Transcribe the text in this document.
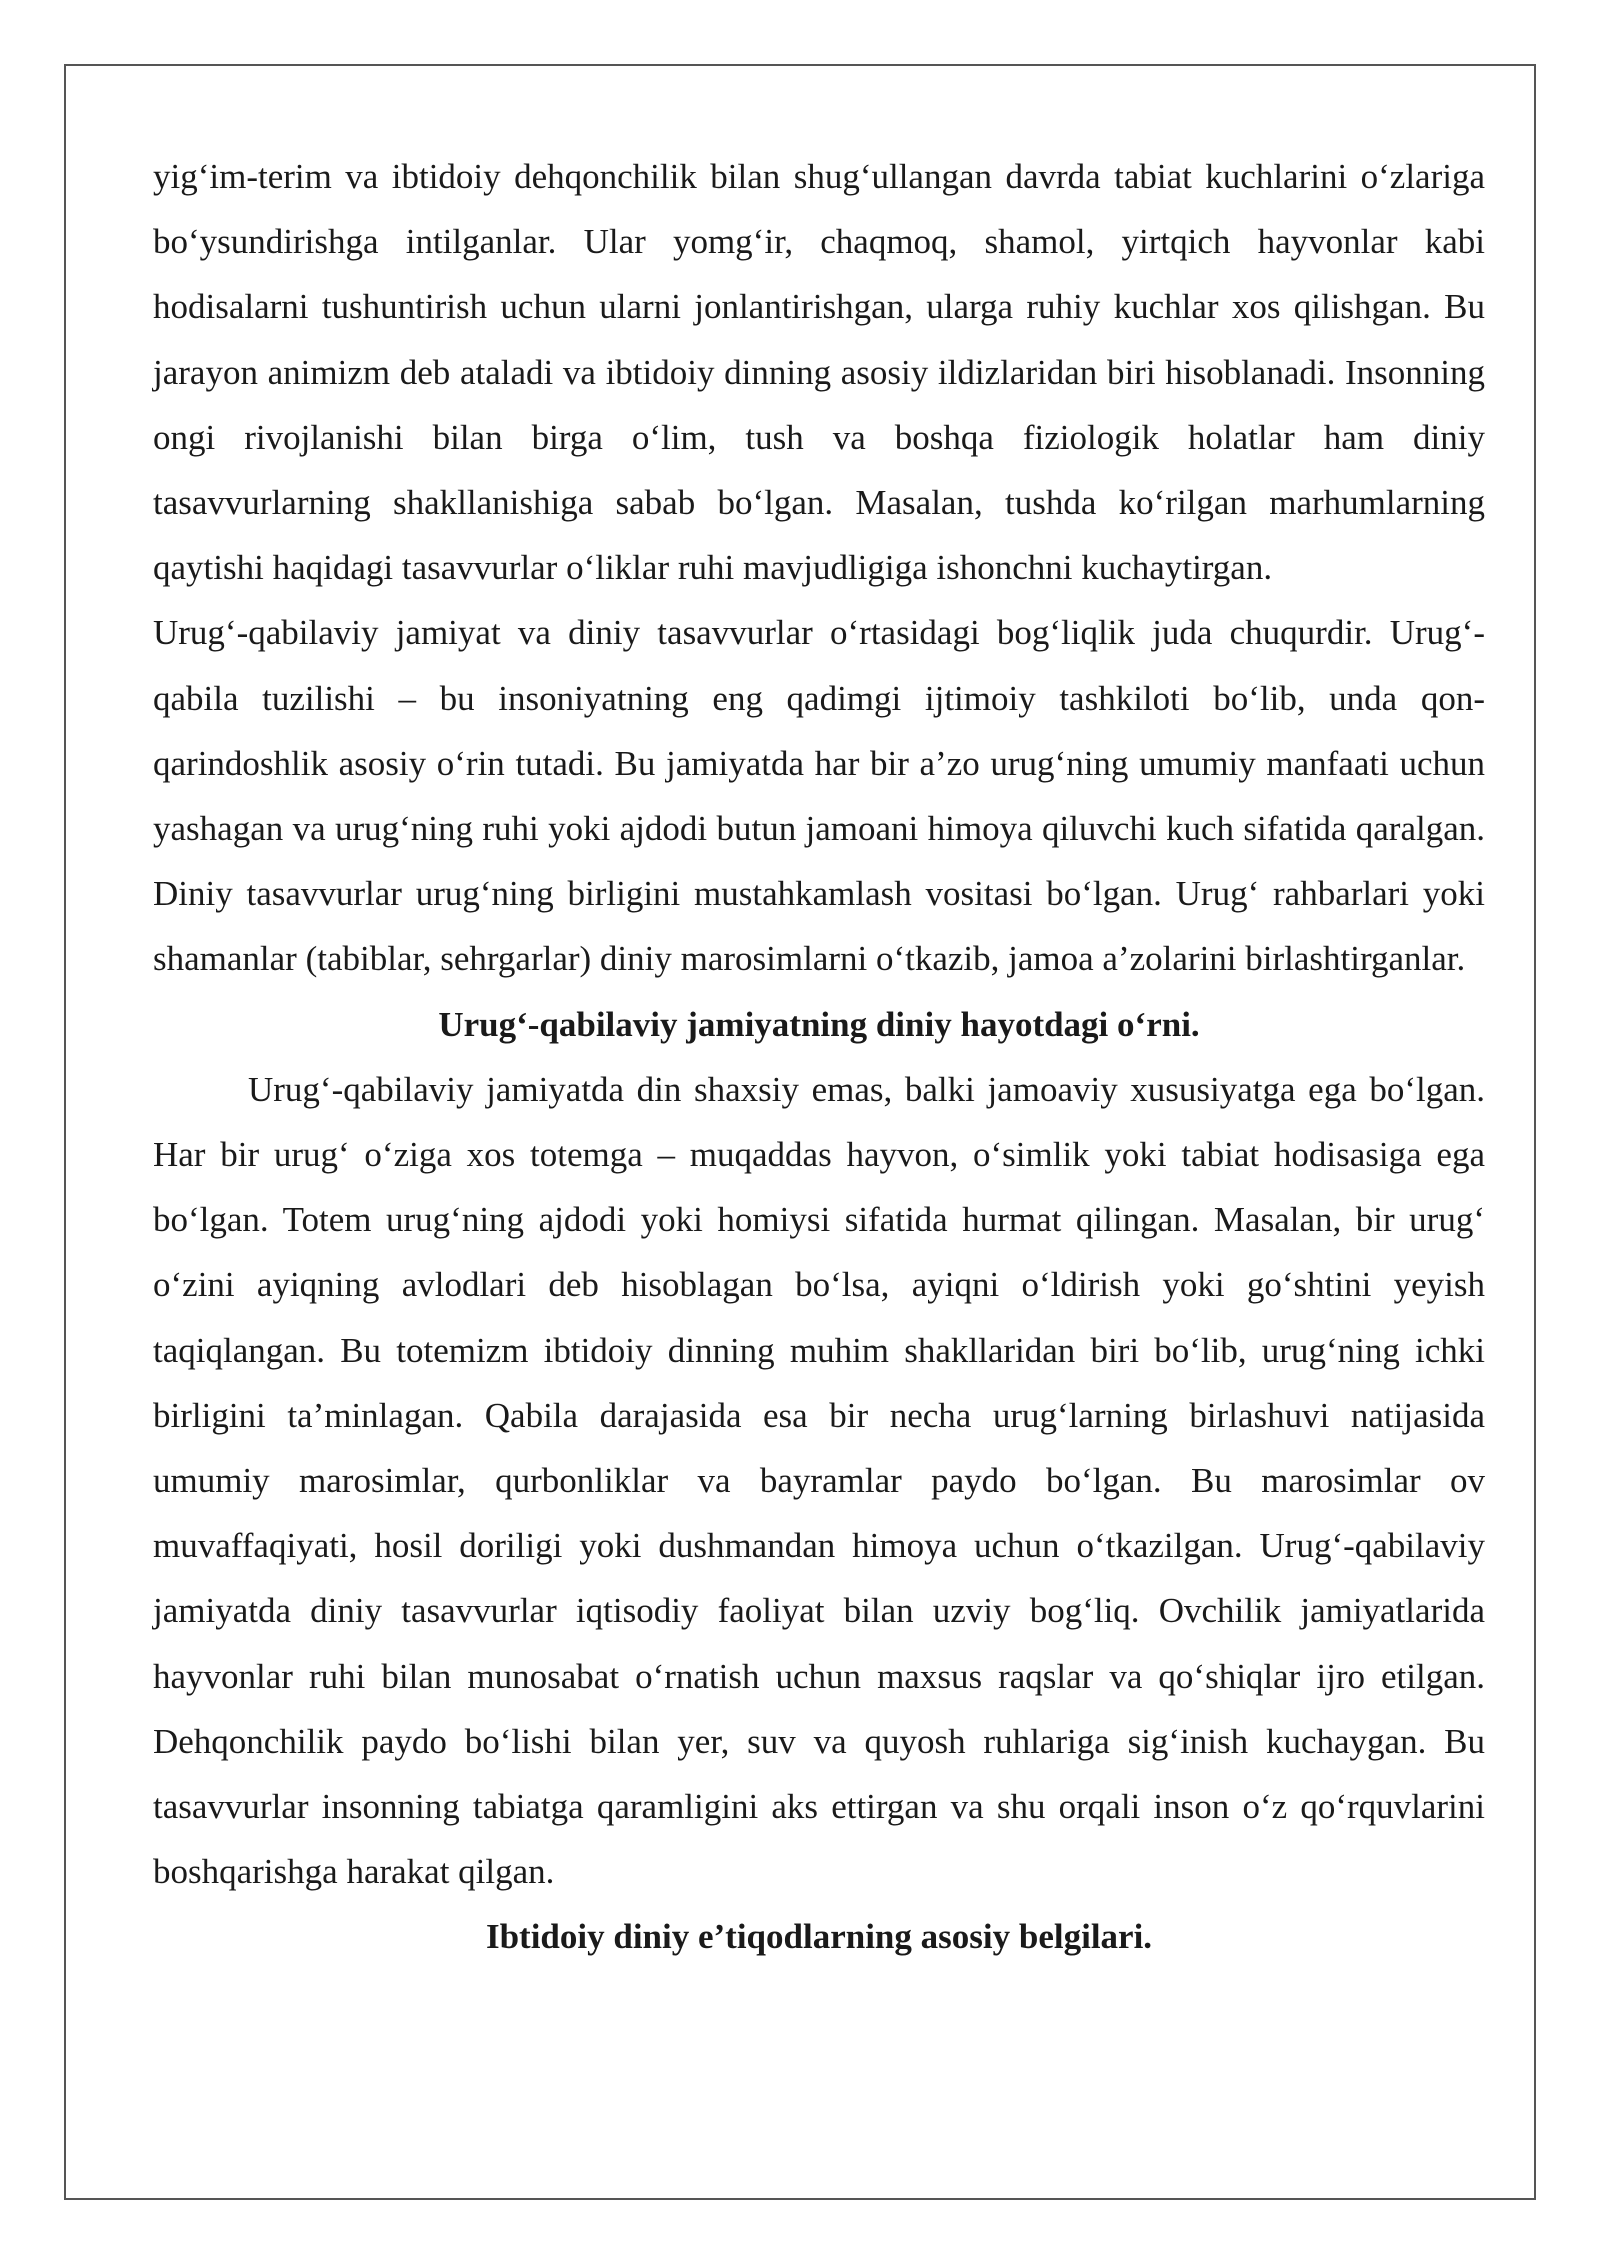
yig‘im-terim va ibtidoiy dehqonchilik bilan shug‘ullangan davrda tabiat kuchlarini o‘zlariga bo‘ysundirishga intilganlar. Ular yomg‘ir, chaqmoq, shamol, yirtqich hayvonlar kabi hodisalarni tushuntirish uchun ularni jonlantirishgan, ularga ruhiy kuchlar xos qilishgan. Bu jarayon animizm deb ataladi va ibtidoiy dinning asosiy ildizlaridan biri hisoblanadi. Insonning ongi rivojlanishi bilan birga o‘lim, tush va boshqa fiziologik holatlar ham diniy tasavvurlarning shakllanishiga sabab bo‘lgan. Masalan, tushda ko‘rilgan marhumlarning qaytishi haqidagi tasavvurlar o‘liklar ruhi mavjudligiga ishonchni kuchaytirgan.

Urug‘-qabilaviy jamiyat va diniy tasavvurlar o‘rtasidagi bog‘liqlik juda chuqurdir. Urug‘-qabila tuzilishi – bu insoniyatning eng qadimgi ijtimoiy tashkiloti bo‘lib, unda qon-qarindoshlik asosiy o‘rin tutadi. Bu jamiyatda har bir a’zo urug‘ning umumiy manfaati uchun yashagan va urug‘ning ruhi yoki ajdodi butun jamoani himoya qiluvchi kuch sifatida qaralgan. Diniy tasavvurlar urug‘ning birligini mustahkamlash vositasi bo‘lgan. Urug‘ rahbarlari yoki shamanlar (tabiblar, sehrgarlar) diniy marosimlarni o‘tkazib, jamoa a’zolarini birlashtirganlar.

Urug‘-qabilaviy jamiyatning diniy hayotdagi o‘rni.

Urug‘-qabilaviy jamiyatda din shaxsiy emas, balki jamoaviy xususiyatga ega bo‘lgan. Har bir urug‘ o‘ziga xos totemga – muqaddas hayvon, o‘simlik yoki tabiat hodisasiga ega bo‘lgan. Totem urug‘ning ajdodi yoki homiysi sifatida hurmat qilingan. Masalan, bir urug‘ o‘zini ayiqning avlodlari deb hisoblagan bo‘lsa, ayiqni o‘ldirish yoki go‘shtini yeyish taqiqlangan. Bu totemizm ibtidoiy dinning muhim shakllaridan biri bo‘lib, urug‘ning ichki birligini ta’minlagan. Qabila darajasida esa bir necha urug‘larning birlashuvi natijasida umumiy marosimlar, qurbonliklar va bayramlar paydo bo‘lgan. Bu marosimlar ov muvaffaqiyati, hosil doriligi yoki dushmandan himoya uchun o‘tkazilgan. Urug‘-qabilaviy jamiyatda diniy tasavvurlar iqtisodiy faoliyat bilan uzviy bog‘liq. Ovchilik jamiyatlarida hayvonlar ruhi bilan munosabat o‘rnatish uchun maxsus raqslar va qo‘shiqlar ijro etilgan. Dehqonchilik paydo bo‘lishi bilan yer, suv va quyosh ruhlariga sig‘inish kuchaygan. Bu tasavvurlar insonning tabiatga qaramligini aks ettirgan va shu orqali inson o‘z qo‘rquvlarini boshqarishga harakat qilgan.

Ibtidoiy diniy e’tiqodlarning asosiy belgilari.
